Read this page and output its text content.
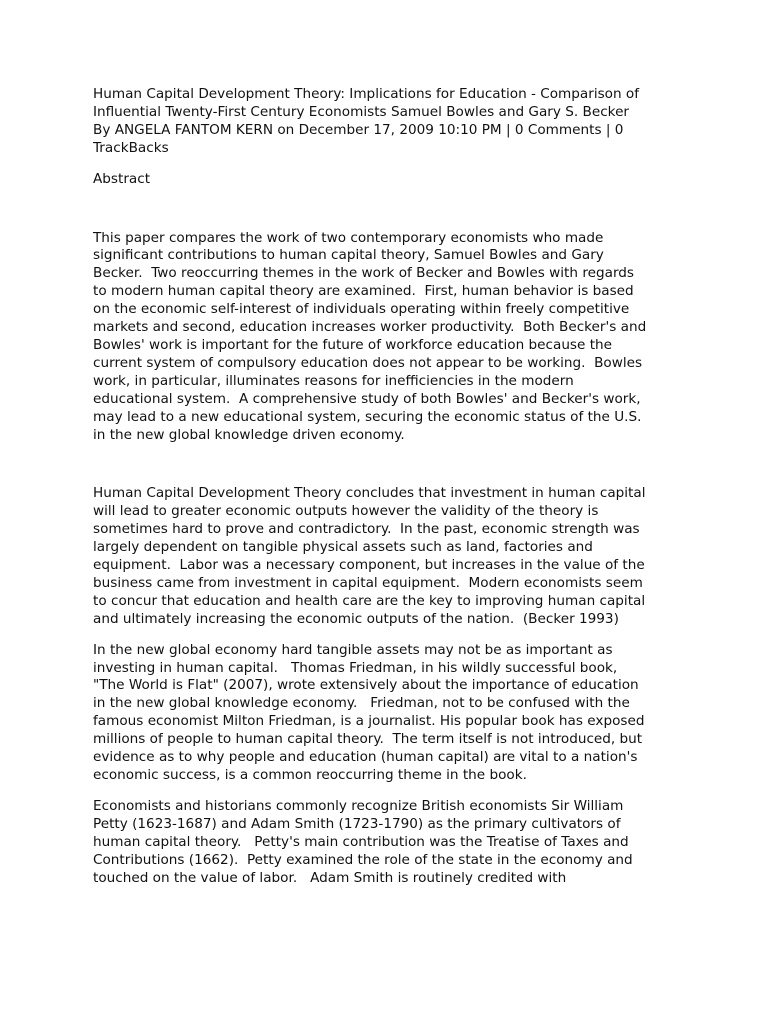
Human Capital Development Theory: Implications for Education - Comparison of
Influential Twenty-First Century Economists Samuel Bowles and Gary S. Becker

By ANGELA FANTOM KERN on December 17, 2009 10:10 PM | 0 Comments | 0
TrackBacks

Abstract

This paper compares the work of two contemporary economists who made
significant contributions to human capital theory, Samuel Bowles and Gary
Becker.  Two reoccurring themes in the work of Becker and Bowles with regards
to modern human capital theory are examined.  First, human behavior is based
on the economic self-interest of individuals operating within freely competitive
markets and second, education increases worker productivity.  Both Becker's and
Bowles' work is important for the future of workforce education because the
current system of compulsory education does not appear to be working.  Bowles
work, in particular, illuminates reasons for inefficiencies in the modern
educational system.  A comprehensive study of both Bowles' and Becker's work,
may lead to a new educational system, securing the economic status of the U.S.
in the new global knowledge driven economy.

Human Capital Development Theory concludes that investment in human capital
will lead to greater economic outputs however the validity of the theory is
sometimes hard to prove and contradictory.  In the past, economic strength was
largely dependent on tangible physical assets such as land, factories and
equipment.  Labor was a necessary component, but increases in the value of the
business came from investment in capital equipment.  Modern economists seem
to concur that education and health care are the key to improving human capital
and ultimately increasing the economic outputs of the nation.  (Becker 1993)

In the new global economy hard tangible assets may not be as important as
investing in human capital.   Thomas Friedman, in his wildly successful book,
"The World is Flat" (2007), wrote extensively about the importance of education
in the new global knowledge economy.   Friedman, not to be confused with the
famous economist Milton Friedman, is a journalist. His popular book has exposed
millions of people to human capital theory.  The term itself is not introduced, but
evidence as to why people and education (human capital) are vital to a nation's
economic success, is a common reoccurring theme in the book.

Economists and historians commonly recognize British economists Sir William
Petty (1623-1687) and Adam Smith (1723-1790) as the primary cultivators of
human capital theory.   Petty's main contribution was the Treatise of Taxes and
Contributions (1662).  Petty examined the role of the state in the economy and
touched on the value of labor.   Adam Smith is routinely credited with
